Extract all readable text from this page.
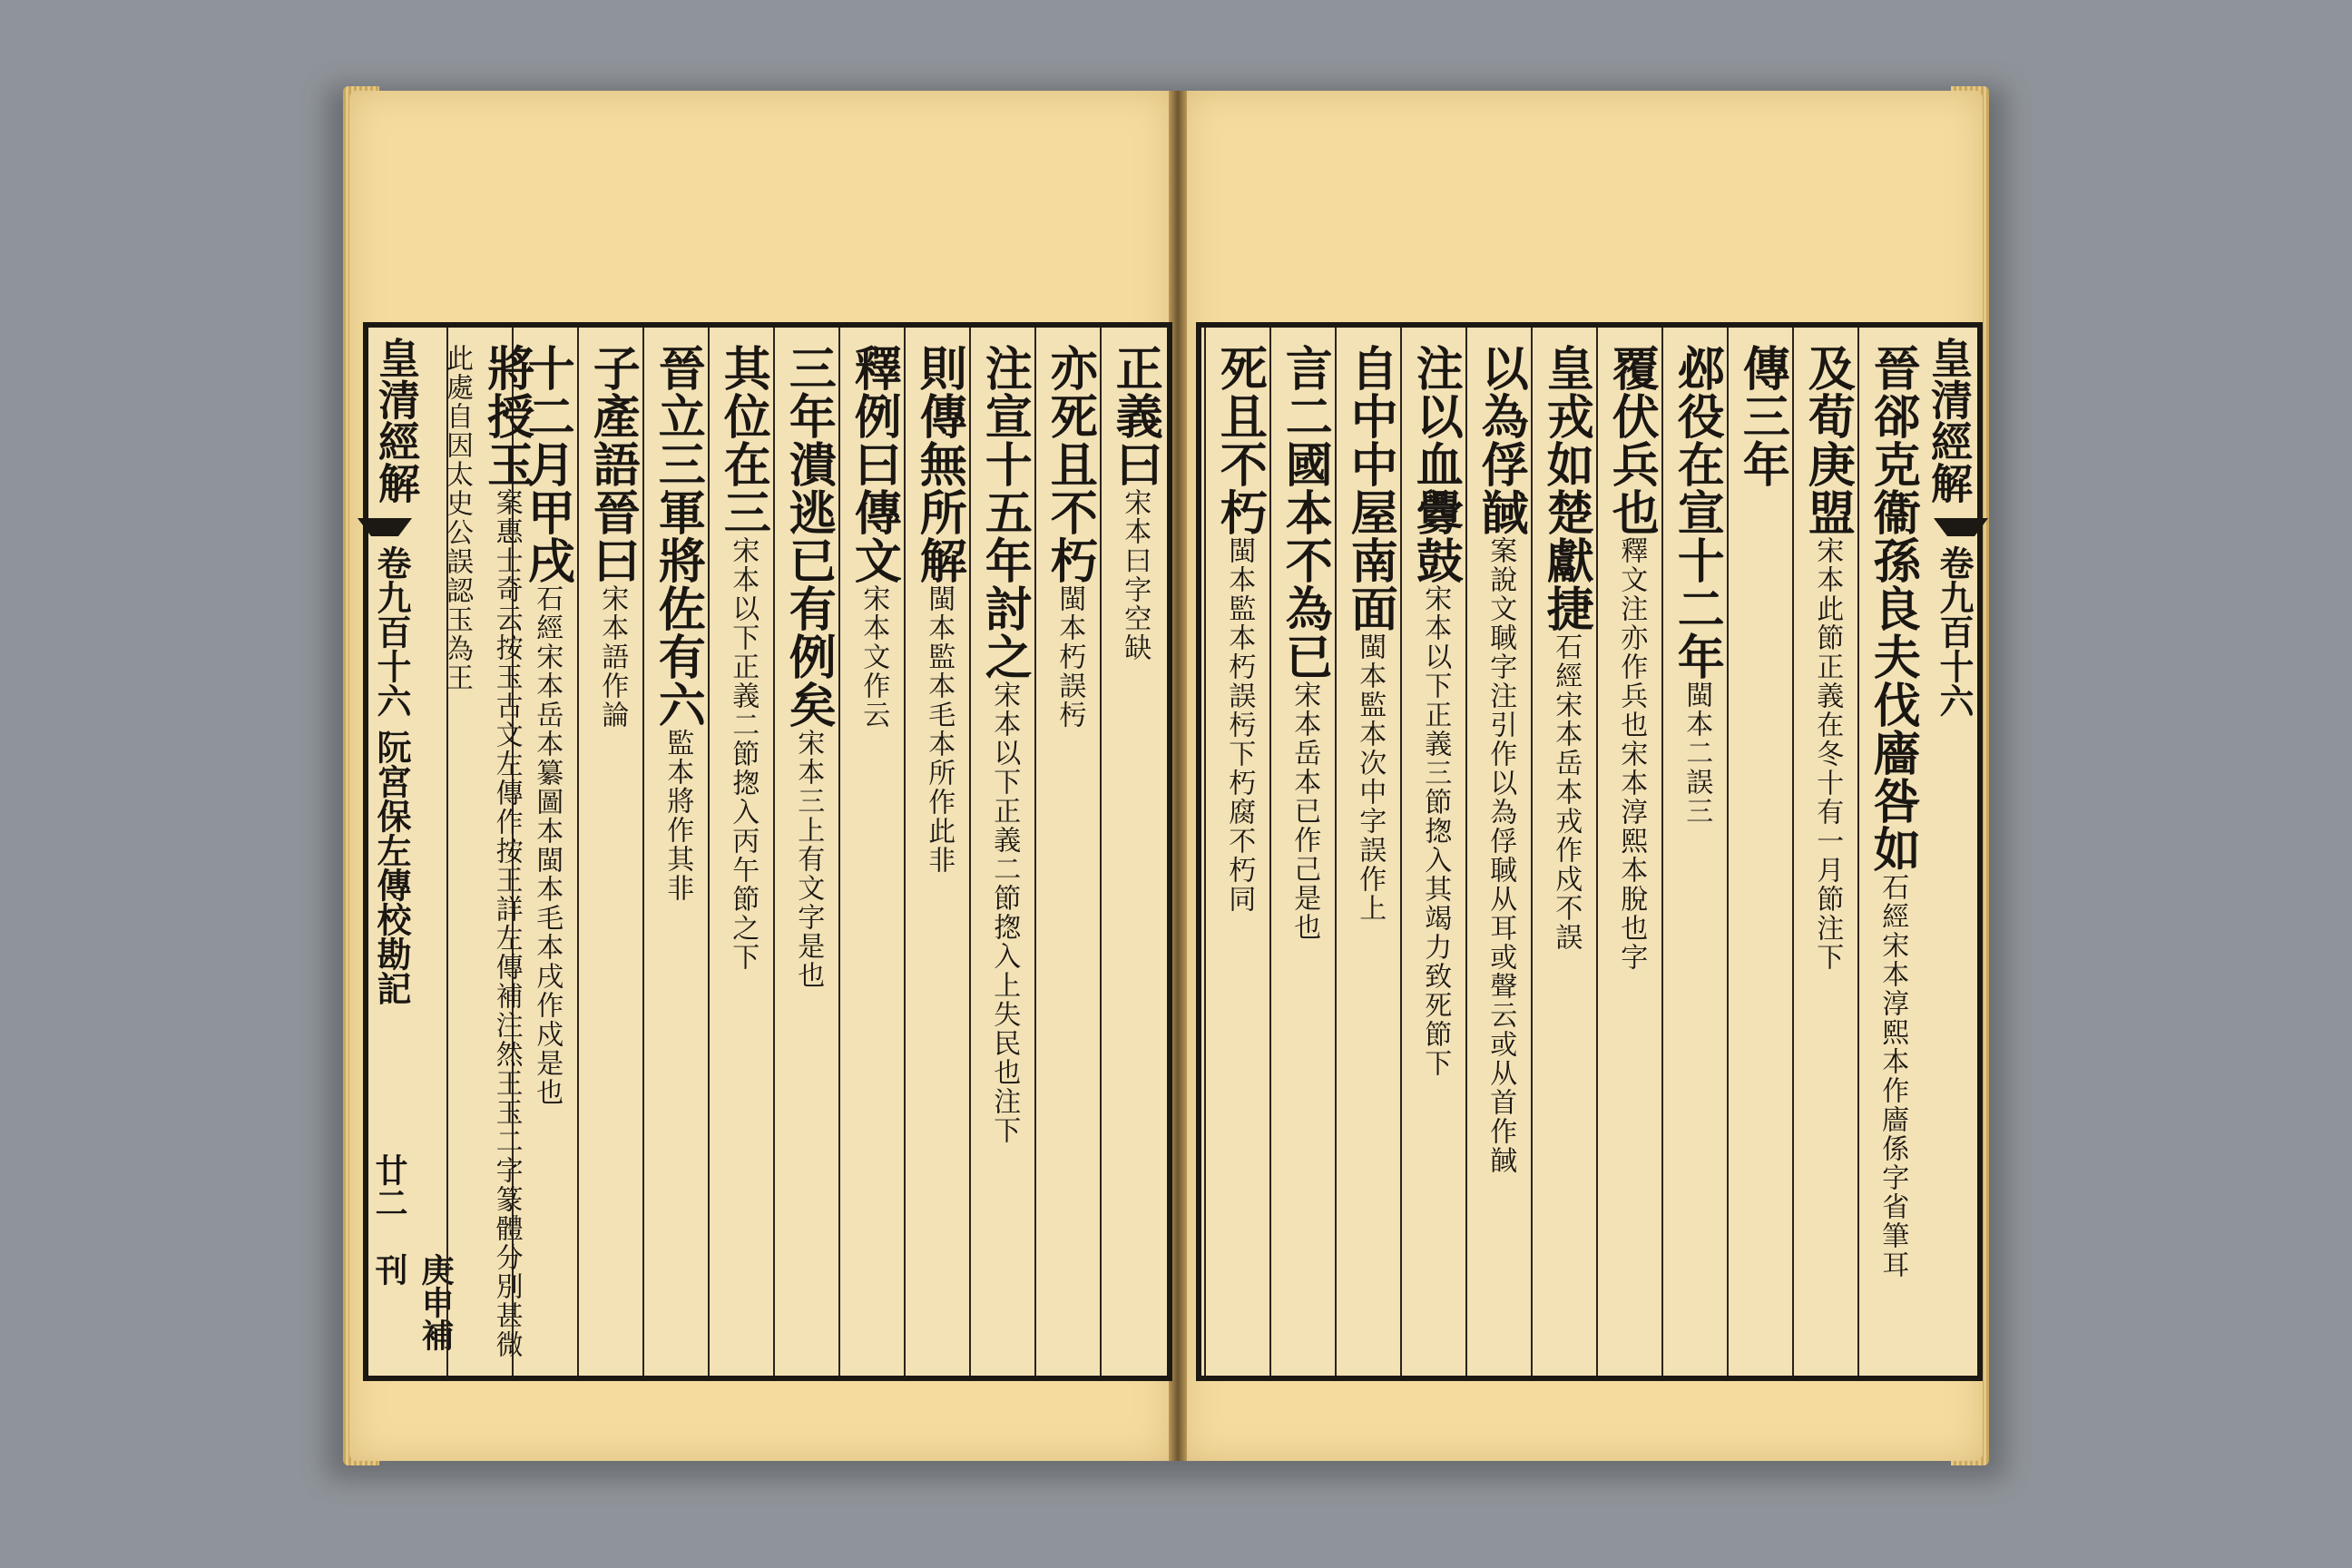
皇清經解
卷九百十六 阮宮保左傳校勘記
廿二
庚申補刊
正義曰宋本曰字空缺
亦死且不朽閩本朽誤杇
注宣十五年討之宋本以下正義二節揔入上失民也注下
則傳無所解閩本監本毛本所作此非
釋例曰傳文宋本文作云
三年潰逃已有例矣宋本三上有文字是也
其位在三宋本以下正義二節揔入丙午節之下
晉立三軍將佐有六監本將作其非
子產語晉曰宋本語作論
十二月甲戌石經宋本岳本纂圖本閩本毛本戌作戍是也
將授玉案惠士奇云按玉古文左傳作按王詳左傳補注然王玉二字篆體分別甚微此處自因太史公誤認玉為王	皇清經解
卷九百十六
晉郤克衞孫良夫伐廧咎如石經宋本淳熙本作廧係字省筆耳
及荀庚盟宋本此節正義在冬十有一月節注下
傳三年
邲役在宣十二年閩本二誤三
覆伏兵也釋文注亦作兵也宋本淳熙本脫也字
皇戎如楚獻捷石經宋本岳本戎作戍不誤
以為俘馘案說文聝字注引作以為俘聝从耳或聲云或从首作馘
注以血釁鼓宋本以下正義三節揔入其竭力致死節下
自中中屋南面閩本監本次中字誤作上
言二國本不為已宋本岳本已作己是也
死且不朽閩本監本朽誤杇下朽腐不朽同
